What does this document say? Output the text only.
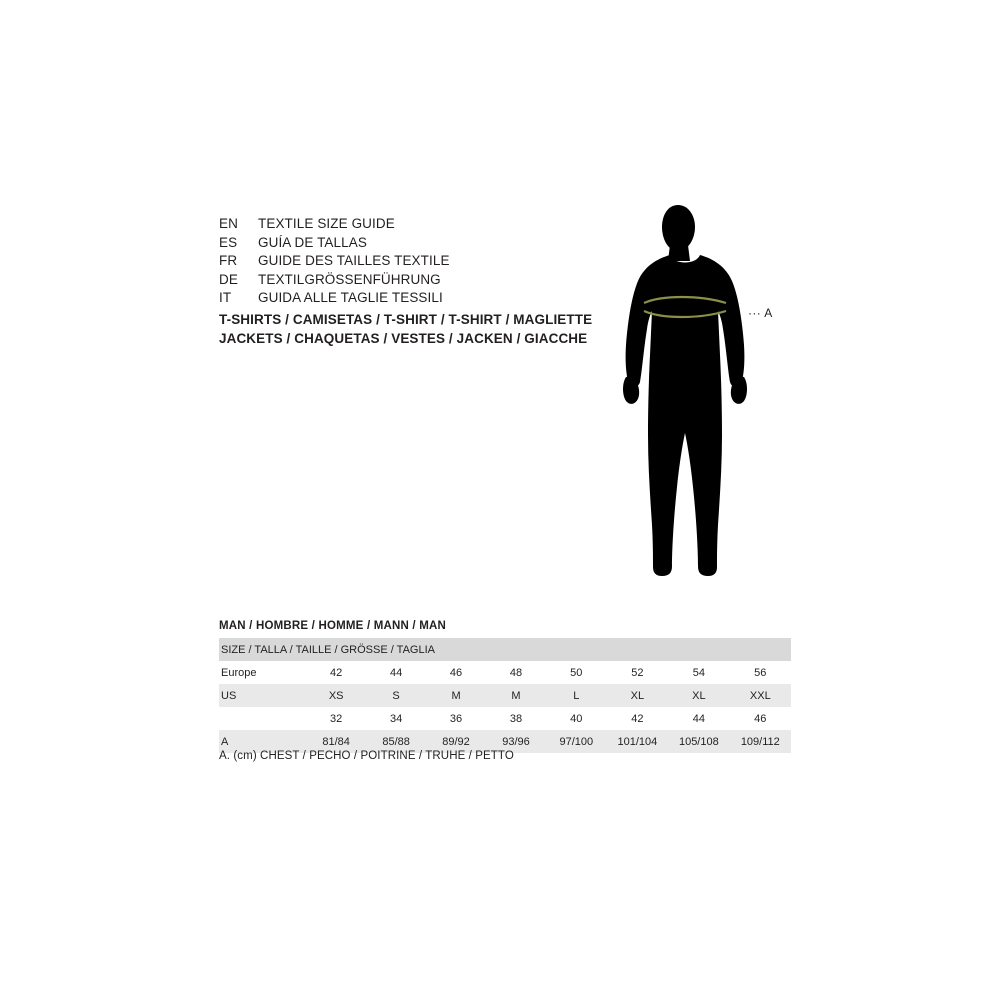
EN	TEXTILE SIZE GUIDE
ES	GUÍA DE TALLAS
FR	GUIDE DES TAILLES TEXTILE
DE	TEXTILGRÖSSENFÜHRUNG
IT	GUIDA ALLE TAGLIE TESSILI
T-SHIRTS / CAMISETAS / T-SHIRT / T-SHIRT / MAGLIETTE
JACKETS / CHAQUETAS / VESTES / JACKEN / GIACCHE
··· A
MAN / HOMBRE / HOMME / MANN / MAN
SIZE / TALLA / TAILLE / GRÖSSE / TAGLIA								
Europe	42	44	46	48	50	52	54	56
US	XS	S	M	M	L	XL	XL	XXL
	32	34	36	38	40	42	44	46
A	81/84	85/88	89/92	93/96	97/100	101/104	105/108	109/112
A. (cm) CHEST / PECHO / POITRINE / TRUHE / PETTO
